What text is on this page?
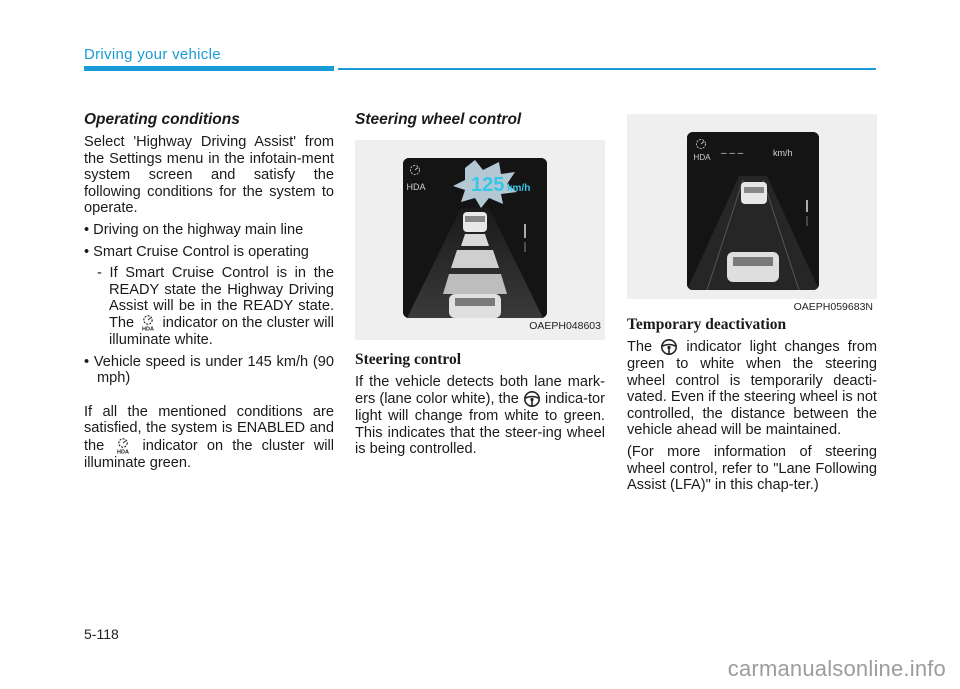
Driving your vehicle
Operating conditions

Select 'Highway Driving Assist' from the Settings menu in the infotain-ment system screen and satisfy the following conditions for the system to operate.

• Driving on the highway main line
• Smart Cruise Control is operating
- If Smart Cruise Control is in the READY state the Highway Driving Assist will be in the READY state. The HDA indicator on the cluster will illuminate white.
• Vehicle speed is under 145 km/h (90 mph)

If all the mentioned conditions are satisfied, the system is ENABLED and the HDA indicator on the cluster will illuminate green.

Steering wheel control
HDA 125 km/h
OAEPH048603
Steering control

If the vehicle detects both lane mark-ers (lane color white), the indica-tor light will change from white to green. This indicates that the steer-ing wheel is being controlled.

HDA – – –	km/h
OAEPH059683N
Temporary deactivation

The indicator light changes from green to white when the steering wheel control is temporarily deacti-vated. Even if the steering wheel is not controlled, the distance between the vehicle ahead will be maintained.

(For more information of steering wheel control, refer to "Lane Following Assist (LFA)" in this chap-ter.)

5-118
carmanualsonline.info
